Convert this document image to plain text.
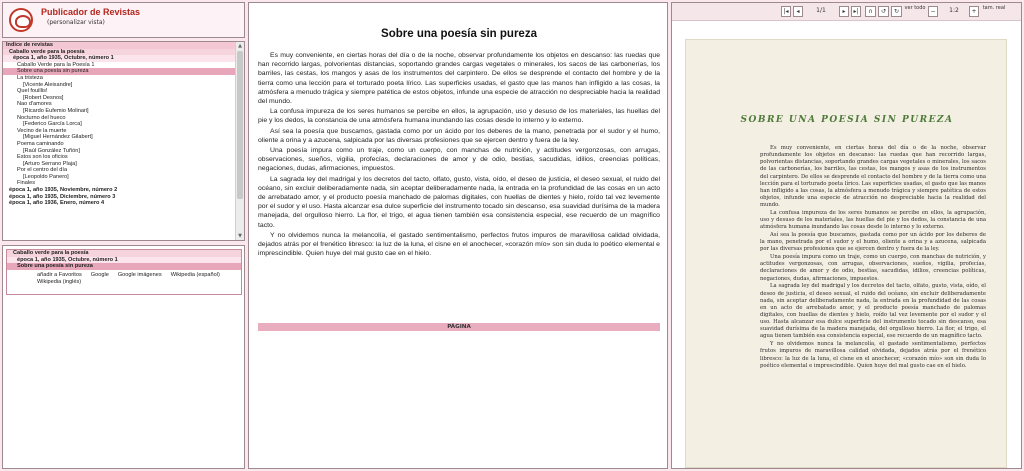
Publicador de Revistas
(personalizar vista)
Índice de revistas
Caballo verde para la poesía
época 1, año 1935, Octubre, número 1
Caballo Verde para la Poesía 1
Sobre una poesía sin pureza
La tristeza
[Vicente Aleixandre]
Quel fouillis!
[Robert Desnos]
Nao d'amores
[Ricardo Eufemio Molinari]
Nocturno del hueco
[Federico García Lorca]
Vecino de la muerte
[Miguel Hernández Gilabert]
Poema caminando
[Raúl González Tuñón]
Estos son los oficios
[Arturo Serrano Plaja]
Por el centro del día
[Leopoldo Panero]
Finales
época 1, año 1935, Noviembre, número 2
época 1, año 1935, Diciembre, número 3
época 1, año 1936, Enero, número 4
▲
▼
Caballo verde para la poesía
época 1, año 1935, Octubre, número 1
Sobre una poesía sin pureza
añadir a Favoritos Google Google imágenes Wikipedia (español)
Wikipedia (inglés)
Sobre una poesía sin pureza

Es muy conveniente, en ciertas horas del día o de la noche, observar profundamente los objetos en descanso: las ruedas que han recorrido largas, polvorientas distancias, soportando grandes cargas vegetales o minerales, los sacos de las carbonerías, los barriles, las cestas, los mangos y asas de los instrumentos del carpintero. De ellos se desprende el contacto del hombre y de la tierra como una lección para el torturado poeta lírico. Las superficies usadas, el gasto que las manos han infligido a las cosas, la atmósfera a menudo trágica y siempre patética de estos objetos, infunde una especie de atracción no despreciable hacia la realidad del mundo.

La confusa impureza de los seres humanos se percibe en ellos, la agrupación, uso y desuso de los materiales, las huellas del pie y los dedos, la constancia de una atmósfera humana inundando las cosas desde lo interno y lo externo.

Así sea la poesía que buscamos, gastada como por un ácido por los deberes de la mano, penetrada por el sudor y el humo, oliente a orina y a azucena, salpicada por las diversas profesiones que se ejercen dentro y fuera de la ley.

Una poesía impura como un traje, como un cuerpo, con manchas de nutrición, y actitudes vergonzosas, con arrugas, observaciones, sueños, vigilia, profecías, declaraciones de amor y de odio, bestias, sacudidas, idilios, creencias políticas, negaciones, dudas, afirmaciones, impuestos.

La sagrada ley del madrigal y los decretos del tacto, olfato, gusto, vista, oído, el deseo de justicia, el deseo sexual, el ruido del océano, sin excluir deliberadamente nada, sin aceptar deliberadamente nada, la entrada en la profundidad de las cosas en un acto de arrebatado amor, y el producto poesía manchado de palomas digitales, con huellas de dientes y hielo, roído tal vez levemente por el sudor y el uso. Hasta alcanzar esa dulce superficie del instrumento tocado sin descanso, esa suavidad durísima de la madera manejada, del orgulloso hierro. La flor, el trigo, el agua tienen también esa consistencia especial, ese recuerdo de un magnífico tacto.

Y no olvidemos nunca la melancolía, el gastado sentimentalismo, perfectos frutos impuros de maravillosa calidad olvidada, dejados atrás por el frenético libresco: la luz de la luna, el cisne en el anochecer, «corazón mío» son sin duda lo poético elemental e imprescindible. Quien huye del mal gusto cae en el hielo.

PÁGINA
|◂	◂	1/1	▸	▸|	∩	↺	↻	ver todo −	1:2	+	tam. real
SOBRE UNA POESIA SIN PUREZA

Es muy conveniente, en ciertas horas del día o de la noche, observar profundamente los objetos en descanso: las ruedas que han recorrido largas, polvorientas distancias, soportando grandes cargas vegetales o minerales, los sacos de las carbonerías, los barriles, las cestas, los mangos y asas de los instrumentos del carpintero. De ellos se desprende el contacto del hombre y de la tierra como una lección para el torturado poeta lírico. Las superficies usadas, el gasto que las manos han infligido a las cosas, la atmósfera a menudo trágica y siempre patética de estos objetos, infunde una especie de atracción no despreciable hacia la realidad del mundo.

La confusa impureza de los seres humanos se percibe en ellos, la agrupación, uso y desuso de los materiales, las huellas del pie y los dedos, la constancia de una atmósfera humana inundando las cosas desde lo interno y lo externo.

Así sea la poesía que buscamos, gastada como por un ácido por los deberes de la mano, penetrada por el sudor y el humo, oliente a orina y a azucena, salpicada por las diversas profesiones que se ejercen dentro y fuera de la ley.

Una poesía impura como un traje, como un cuerpo, con manchas de nutrición, y actitudes vergonzosas, con arrugas, observaciones, sueños, vigilia, profecías, declaraciones de amor y de odio, bestias, sacudidas, idilios, creencias políticas, negaciones, dudas, afirmaciones, impuestos.

La sagrada ley del madrigal y los decretos del tacto, olfato, gusto, vista, oído, el deseo de justicia, el deseo sexual, el ruido del océano, sin excluir deliberadamente nada, sin aceptar deliberadamente nada, la entrada en la profundidad de las cosas en un acto de arrebatado amor, y el producto poesía manchado de palomas digitales, con huellas de dientes y hielo, roído tal vez levemente por el sudor y el uso. Hasta alcanzar esa dulce superficie del instrumento tocado sin descanso, esa suavidad durísima de la madera manejada, del orgulloso hierro. La flor, el trigo, el agua tienen también esa consistencia especial, ese recuerdo de un magnífico tacto.

Y no olvidemos nunca la melancolía, el gastado sentimentalismo, perfectos frutos impuros de maravillosa calidad olvidada, dejados atrás por el frenético libresco: la luz de la luna, el cisne en el anochecer, «corazón mío» son sin duda lo poético elemental e imprescindible. Quien huye del mal gusto cae en el hielo.
